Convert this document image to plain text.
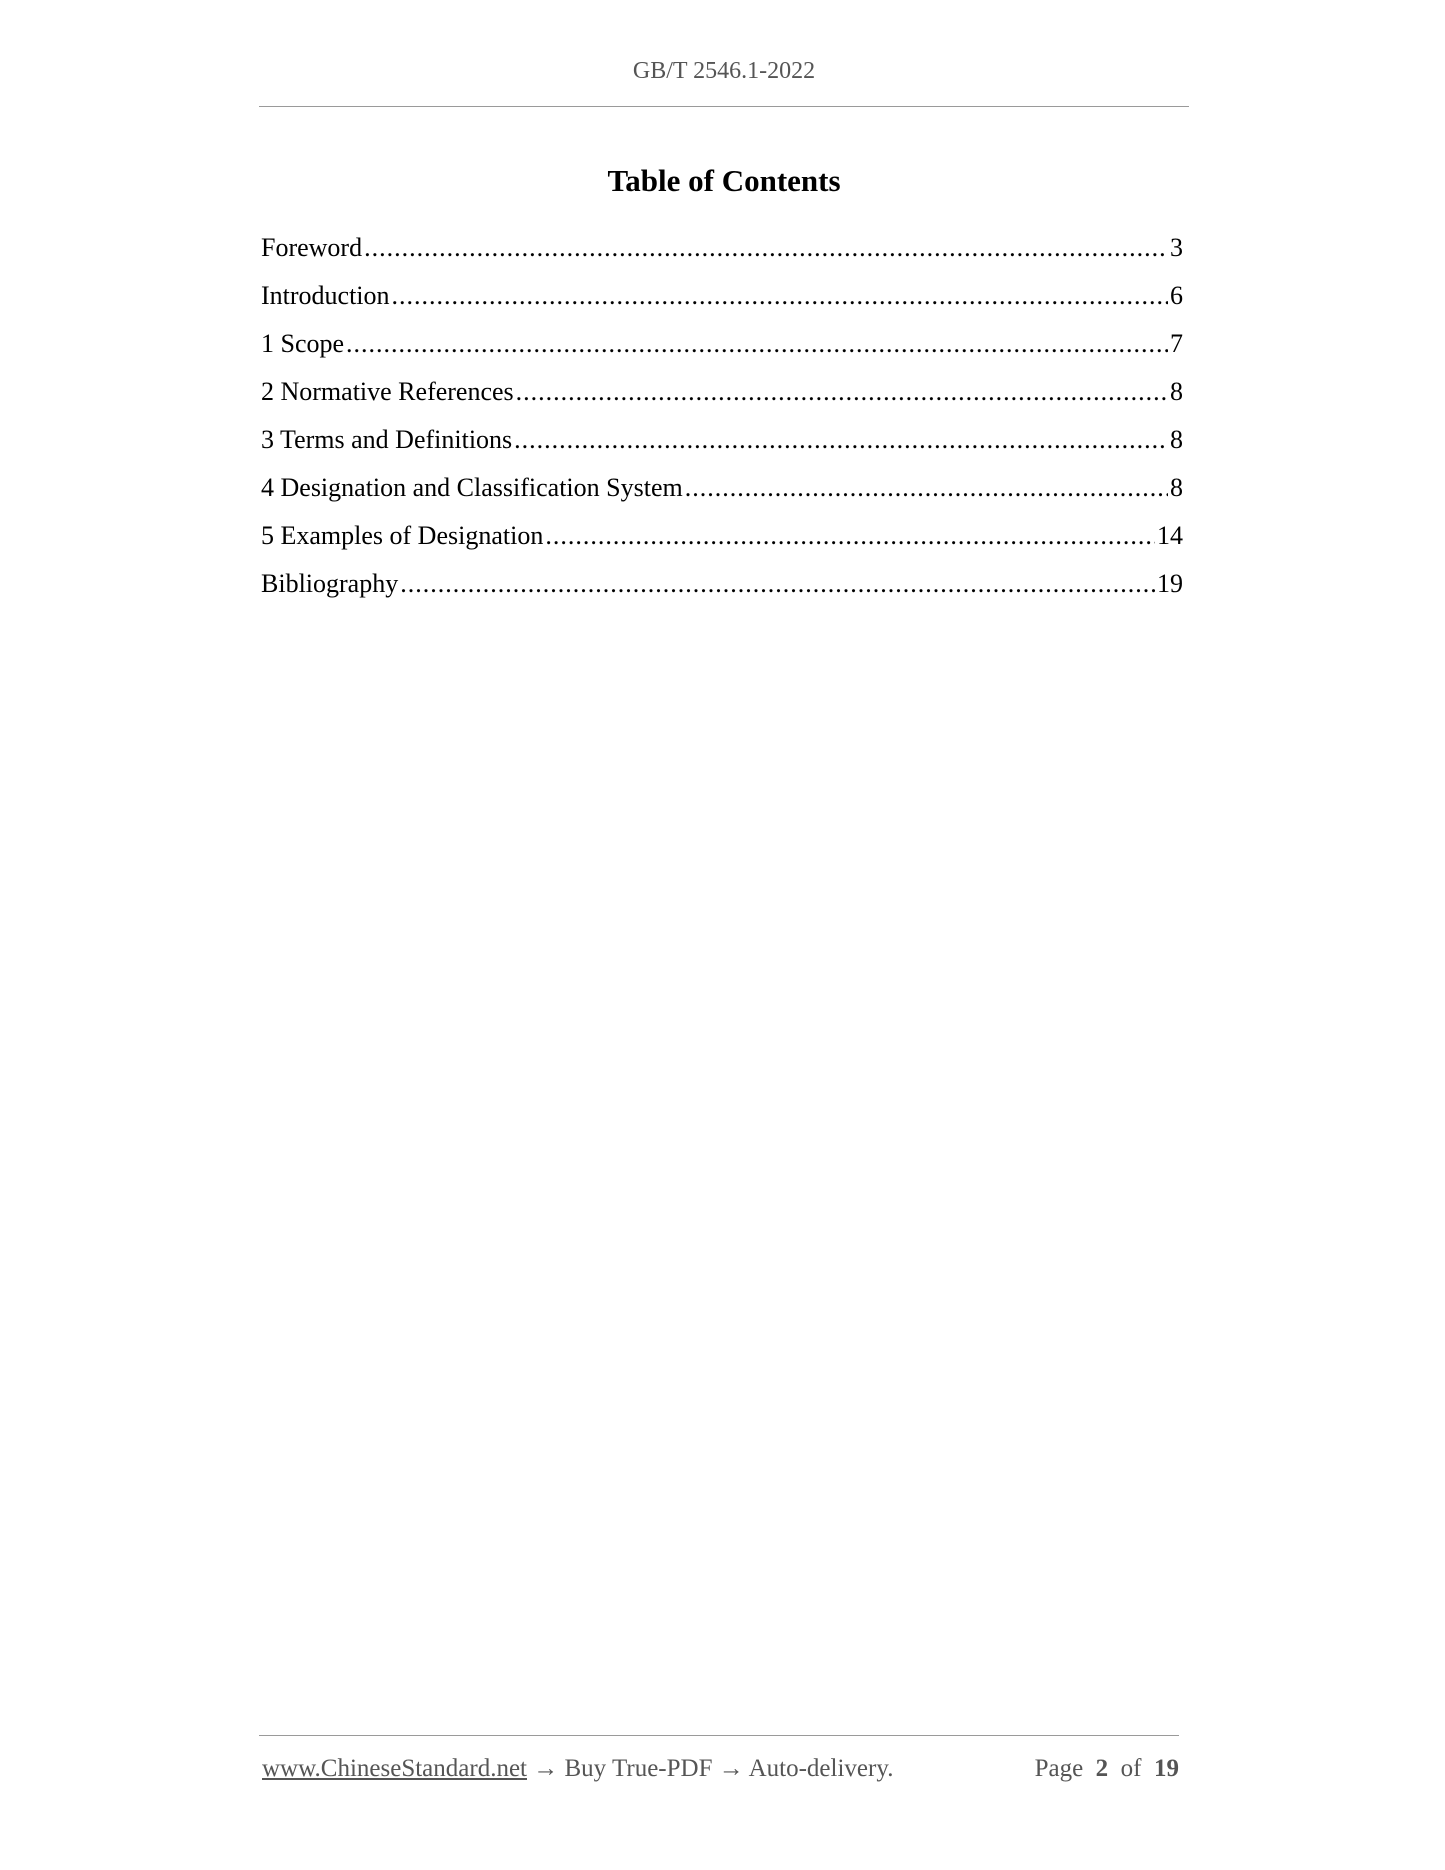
GB/T 2546.1-2022
Table of Contents
Foreword .....	3
Introduction .....	6
1 Scope .....	7
2 Normative References .....	8
3 Terms and Definitions .....	8
4 Designation and Classification System .....	8
5 Examples of Designation .....	14
Bibliography .....	19
www.ChineseStandard.net → Buy True-PDF → Auto-delivery.	Page 2 of 19
